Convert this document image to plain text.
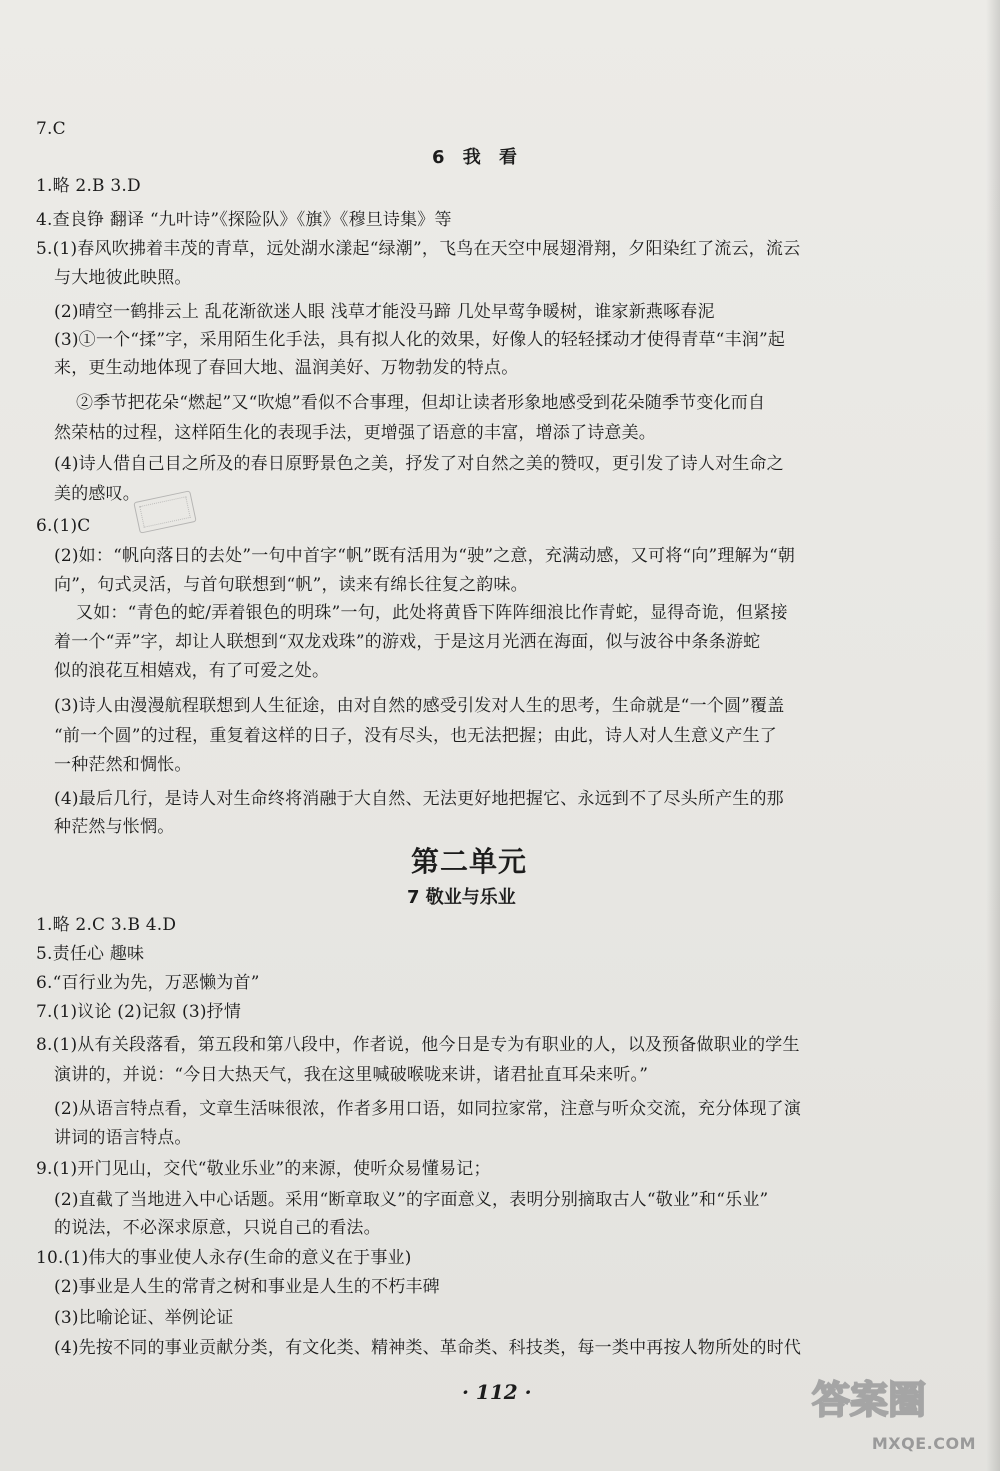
7.C

6 我 看

1.略 2.B 3.D

4.查良铮 翻译 “九叶诗”《探险队》《旗》《穆旦诗集》等

5.(1)春风吹拂着丰茂的青草，远处湖水漾起“绿潮”，飞鸟在天空中展翅滑翔，夕阳染红了流云，流云

与大地彼此映照。

(2)晴空一鹤排云上 乱花渐欲迷人眼 浅草才能没马蹄 几处早莺争暖树，谁家新燕啄春泥

(3)①一个“揉”字，采用陌生化手法，具有拟人化的效果，好像人的轻轻揉动才使得青草“丰润”起

来，更生动地体现了春回大地、温润美好、万物勃发的特点。

②季节把花朵“燃起”又“吹熄”看似不合事理，但却让读者形象地感受到花朵随季节变化而自

然荣枯的过程，这样陌生化的表现手法，更增强了语意的丰富，增添了诗意美。

(4)诗人借自己目之所及的春日原野景色之美，抒发了对自然之美的赞叹，更引发了诗人对生命之

美的感叹。

6.(1)C

(2)如：“帆向落日的去处”一句中首字“帆”既有活用为“驶”之意，充满动感，又可将“向”理解为“朝

向”，句式灵活，与首句联想到“帆”，读来有绵长往复之韵味。

又如：“青色的蛇/弄着银色的明珠”一句，此处将黄昏下阵阵细浪比作青蛇，显得奇诡，但紧接

着一个“弄”字，却让人联想到“双龙戏珠”的游戏，于是这月光洒在海面，似与波谷中条条游蛇

似的浪花互相嬉戏，有了可爱之处。

(3)诗人由漫漫航程联想到人生征途，由对自然的感受引发对人生的思考，生命就是“一个圆”覆盖

“前一个圆”的过程，重复着这样的日子，没有尽头，也无法把握；由此，诗人对人生意义产生了

一种茫然和惆怅。

(4)最后几行，是诗人对生命终将消融于大自然、无法更好地把握它、永远到不了尽头所产生的那

种茫然与怅惘。

第二单元

7 敬业与乐业

1.略 2.C 3.B 4.D

5.责任心 趣味

6.“百行业为先，万恶懒为首”

7.(1)议论 (2)记叙 (3)抒情

8.(1)从有关段落看，第五段和第八段中，作者说，他今日是专为有职业的人，以及预备做职业的学生

演讲的，并说：“今日大热天气，我在这里喊破喉咙来讲，诸君扯直耳朵来听。”

(2)从语言特点看，文章生活味很浓，作者多用口语，如同拉家常，注意与听众交流，充分体现了演

讲词的语言特点。

9.(1)开门见山，交代“敬业乐业”的来源，使听众易懂易记；

(2)直截了当地进入中心话题。采用“断章取义”的字面意义，表明分别摘取古人“敬业”和“乐业”

的说法，不必深求原意，只说自己的看法。

10.(1)伟大的事业使人永存(生命的意义在于事业)

(2)事业是人生的常青之树和事业是人生的不朽丰碑

(3)比喻论证、举例论证

(4)先按不同的事业贡献分类，有文化类、精神类、革命类、科技类，每一类中再按人物所处的时代

· 112 ·	答案圈

MXQE.COM
